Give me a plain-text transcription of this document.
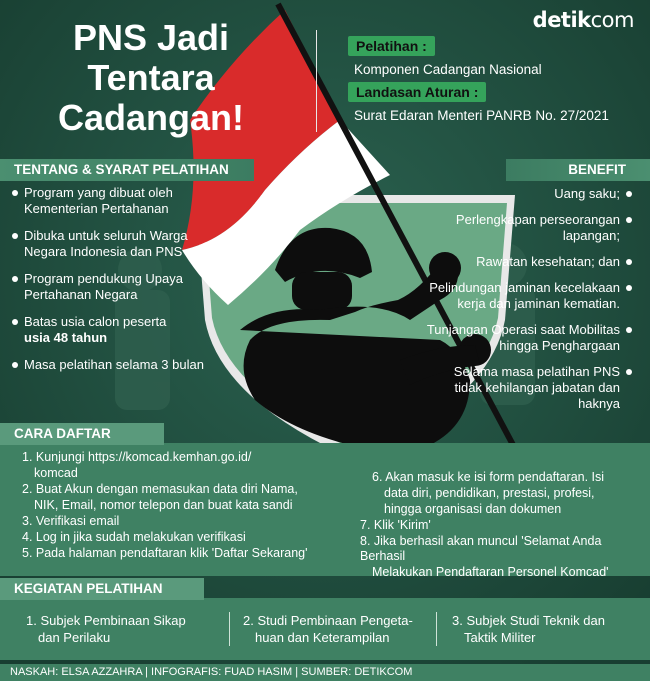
detikcom
PNS Jadi Tentara Cadangan!
Pelatihan :
Komponen Cadangan Nasional
Landasan Aturan :
Surat Edaran Menteri PANRB No. 27/2021
TENTANG & SYARAT PELATIHAN	BENEFIT
Program yang dibuat oleh Kementerian Pertahanan
Dibuka untuk seluruh Warga Negara Indonesia dan PNS
Program pendukung Upaya Pertahanan Negara
Batas usia calon peserta
usia 48 tahun
Masa pelatihan selama 3 bulan
Uang saku;
Perlengkapan perseorangan lapangan;
Rawatan kesehatan; dan
Pelindungan jaminan kecelakaan kerja dan jaminan kematian.
Tunjangan Operasi saat Mobilitas hingga Penghargaan
Selama masa pelatihan PNS tidak kehilangan jabatan dan haknya
CARA DAFTAR
1. Kunjungi https://komcad.kemhan.go.id/
komcad
2. Buat Akun dengan memasukan data diri Nama,
NIK, Email, nomor telepon dan buat kata sandi
3. Verifikasi email
4. Log in jika sudah melakukan verifikasi
5. Pada halaman pendaftaran klik 'Daftar Sekarang'
6. Akan masuk ke isi form pendaftaran. Isi
data diri, pendidikan, prestasi, profesi,
hingga organisasi dan dokumen
7. Klik 'Kirim'
8. Jika berhasil akan muncul 'Selamat Anda Berhasil
Melakukan Pendaftaran Personel Komcad'
KEGIATAN PELATIHAN
1. Subjek Pembinaan Sikap
dan Perilaku
2. Studi Pembinaan Pengeta-
huan dan Keterampilan
3. Subjek Studi Teknik dan
Taktik Militer
NASKAH: ELSA AZZAHRA | INFOGRAFIS: FUAD HASIM | SUMBER: DETIKCOM
